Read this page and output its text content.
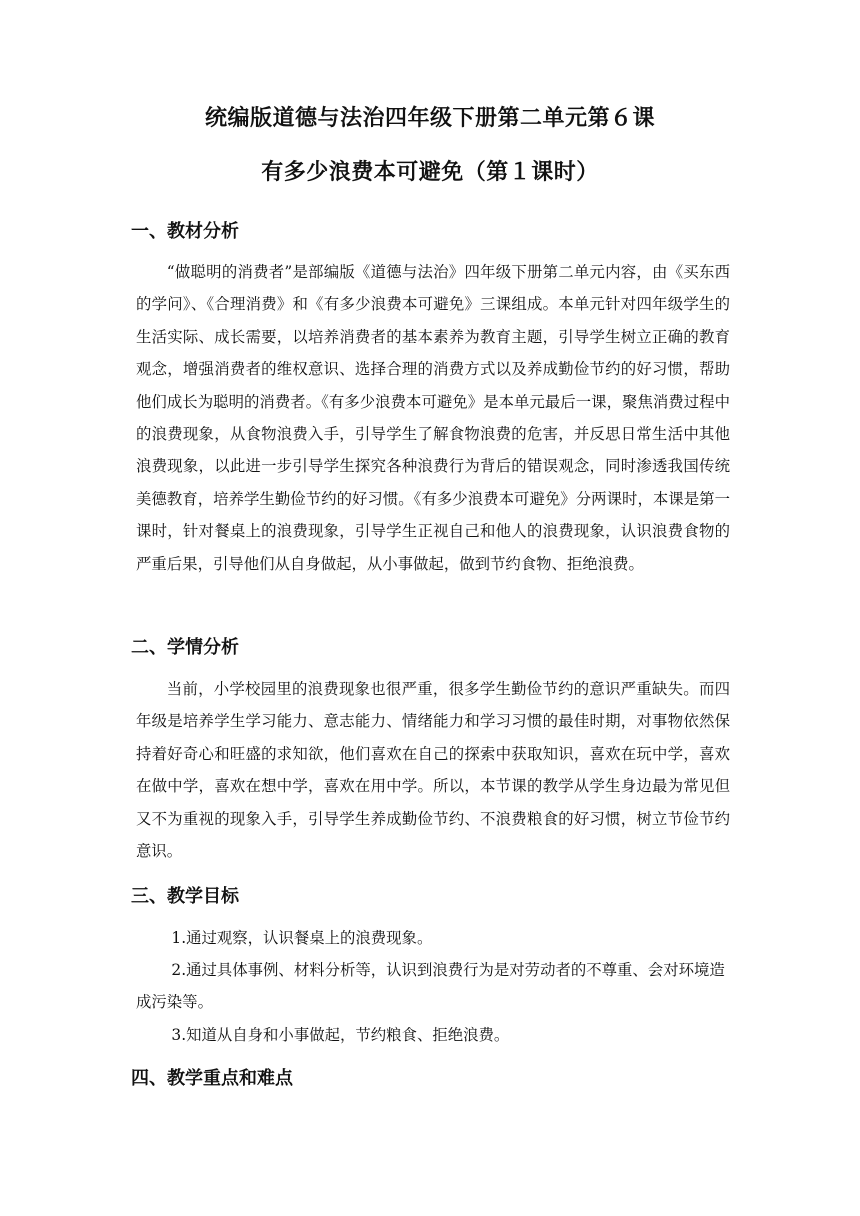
统编版道德与法治四年级下册第二单元第６课
有多少浪费本可避免（第１课时）
一、教材分析

“做聪明的消费者”是部编版《道德与法治》四年级下册第二单元内容，由《买东西的学问》、《合理消费》和《有多少浪费本可避免》三课组成。本单元针对四年级学生的生活实际、成长需要，以培养消费者的基本素养为教育主题，引导学生树立正确的教育观念，增强消费者的维权意识、选择合理的消费方式以及养成勤俭节约的好习惯，帮助他们成长为聪明的消费者。《有多少浪费本可避免》是本单元最后一课，聚焦消费过程中的浪费现象，从食物浪费入手，引导学生了解食物浪费的危害，并反思日常生活中其他浪费现象，以此进一步引导学生探究各种浪费行为背后的错误观念，同时渗透我国传统美德教育，培养学生勤俭节约的好习惯。《有多少浪费本可避免》分两课时，本课是第一课时，针对餐桌上的浪费现象，引导学生正视自己和他人的浪费现象，认识浪费食物的严重后果，引导他们从自身做起，从小事做起，做到节约食物、拒绝浪费。

二、学情分析

当前，小学校园里的浪费现象也很严重，很多学生勤俭节约的意识严重缺失。而四年级是培养学生学习能力、意志能力、情绪能力和学习习惯的最佳时期，对事物依然保持着好奇心和旺盛的求知欲，他们喜欢在自己的探索中获取知识，喜欢在玩中学，喜欢在做中学，喜欢在想中学，喜欢在用中学。所以，本节课的教学从学生身边最为常见但又不为重视的现象入手，引导学生养成勤俭节约、不浪费粮食的好习惯，树立节俭节约意识。

三、教学目标

1.通过观察，认识餐桌上的浪费现象。

2.通过具体事例、材料分析等，认识到浪费行为是对劳动者的不尊重、会对环境造成污染等。

3.知道从自身和小事做起，节约粮食、拒绝浪费。

四、教学重点和难点
